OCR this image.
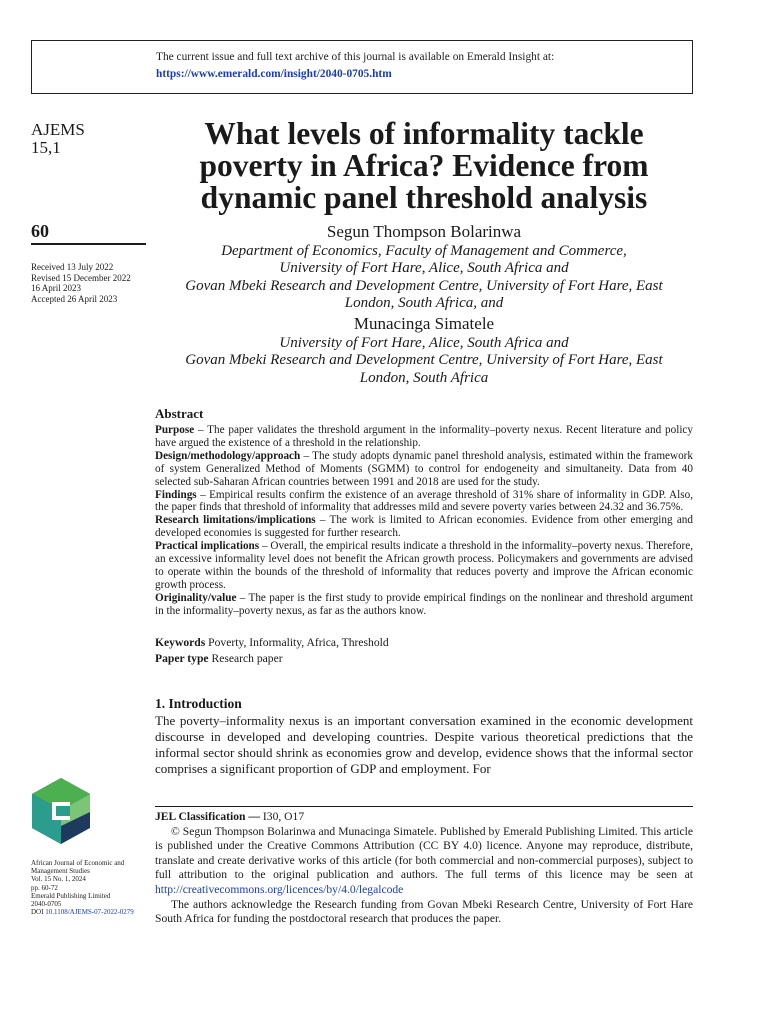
The current issue and full text archive of this journal is available on Emerald Insight at:
https://www.emerald.com/insight/2040-0705.htm
AJEMS
15,1
60
Received 13 July 2022
Revised 15 December 2022
16 April 2023
Accepted 26 April 2023
What levels of informality tackle
poverty in Africa? Evidence from
dynamic panel threshold analysis
Segun Thompson Bolarinwa
Department of Economics, Faculty of Management and Commerce,
University of Fort Hare, Alice, South Africa and
Govan Mbeki Research and Development Centre, University of Fort Hare, East
London, South Africa, and
Munacinga Simatele
University of Fort Hare, Alice, South Africa and
Govan Mbeki Research and Development Centre, University of Fort Hare, East
London, South Africa
Abstract

Purpose – The paper validates the threshold argument in the informality–poverty nexus. Recent literature and policy have argued the existence of a threshold in the relationship.

Design/methodology/approach – The study adopts dynamic panel threshold analysis, estimated within the framework of system Generalized Method of Moments (SGMM) to control for endogeneity and simultaneity. Data from 40 selected sub-Saharan African countries between 1991 and 2018 are used for the study.

Findings – Empirical results confirm the existence of an average threshold of 31% share of informality in GDP. Also, the paper finds that threshold of informality that addresses mild and severe poverty varies between 24.32 and 36.75%.

Research limitations/implications – The work is limited to African economies. Evidence from other emerging and developed economies is suggested for further research.

Practical implications – Overall, the empirical results indicate a threshold in the informality–poverty nexus. Therefore, an excessive informality level does not benefit the African growth process. Policymakers and governments are advised to operate within the bounds of the threshold of informality that reduces poverty and improve the African economic growth process.

Originality/value – The paper is the first study to provide empirical findings on the nonlinear and threshold argument in the informality–poverty nexus, as far as the authors know.

Keywords Poverty, Informality, Africa, Threshold
Paper type Research paper
1. Introduction

The poverty–informality nexus is an important conversation examined in the economic development discourse in developed and developing countries. Despite various theoretical predictions that the informal sector should shrink as economies grow and develop, evidence shows that the informal sector comprises a significant proportion of GDP and employment. For

JEL Classification — I30, O17

© Segun Thompson Bolarinwa and Munacinga Simatele. Published by Emerald Publishing Limited. This article is published under the Creative Commons Attribution (CC BY 4.0) licence. Anyone may reproduce, distribute, translate and create derivative works of this article (for both commercial and non-commercial purposes), subject to full attribution to the original publication and authors. The full terms of this licence may be seen at http://creativecommons.org/licences/by/4.0/legalcode

The authors acknowledge the Research funding from Govan Mbeki Research Centre, University of Fort Hare South Africa for funding the postdoctoral research that produces the paper.

African Journal of Economic and
Management Studies
Vol. 15 No. 1, 2024
pp. 60-72
Emerald Publishing Limited
2040-0705
DOI 10.1108/AJEMS-07-2022-0279
